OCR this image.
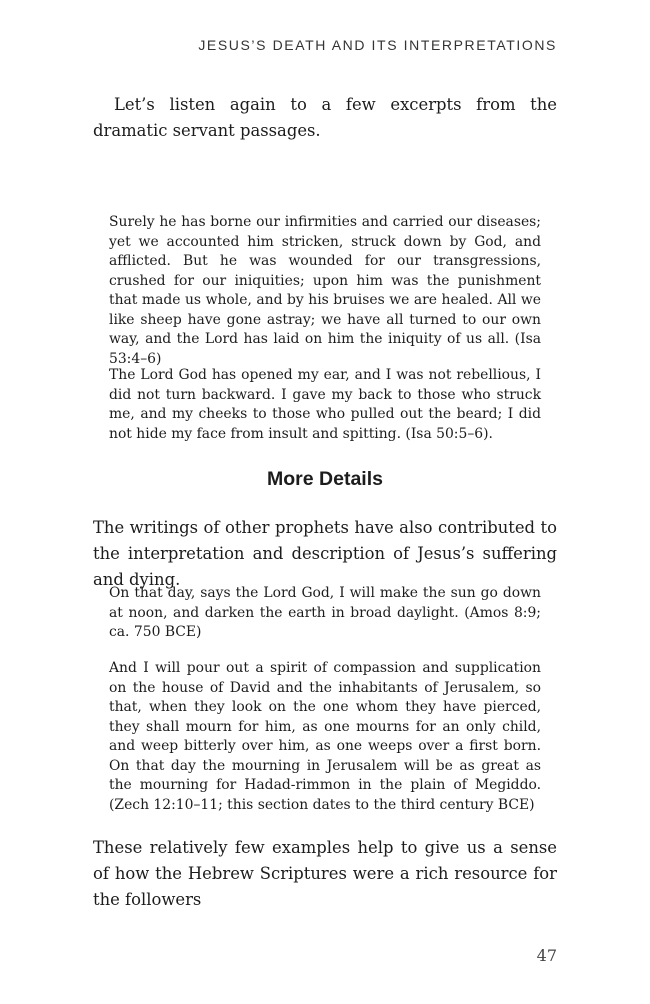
JESUS’S DEATH AND ITS INTERPRETATIONS

Let’s listen again to a few excerpts from the dramatic servant passages.

Surely he has borne our infirmities and carried our diseases; yet we accounted him stricken, struck down by God, and afflicted. But he was wounded for our transgressions, crushed for our iniquities; upon him was the punishment that made us whole, and by his bruises we are healed. All we like sheep have gone astray; we have all turned to our own way, and the Lord has laid on him the iniquity of us all. (Isa 53:4–6)

The Lord God has opened my ear, and I was not rebellious, I did not turn backward. I gave my back to those who struck me, and my cheeks to those who pulled out the beard; I did not hide my face from insult and spitting. (Isa 50:5–6).

More Details

The writings of other prophets have also contributed to the interpretation and description of Jesus’s suffering and dying.

On that day, says the Lord God, I will make the sun go down at noon, and darken the earth in broad daylight. (Amos 8:9; ca. 750 BCE)

And I will pour out a spirit of compassion and supplication on the house of David and the inhabitants of Jerusalem, so that, when they look on the one whom they have pierced, they shall mourn for him, as one mourns for an only child, and weep bitterly over him, as one weeps over a first born. On that day the mourning in Jerusalem will be as great as the mourning for Hadad-rimmon in the plain of Megiddo. (Zech 12:10–11; this section dates to the third century BCE)

These relatively few examples help to give us a sense of how the Hebrew Scriptures were a rich resource for the followers

47
